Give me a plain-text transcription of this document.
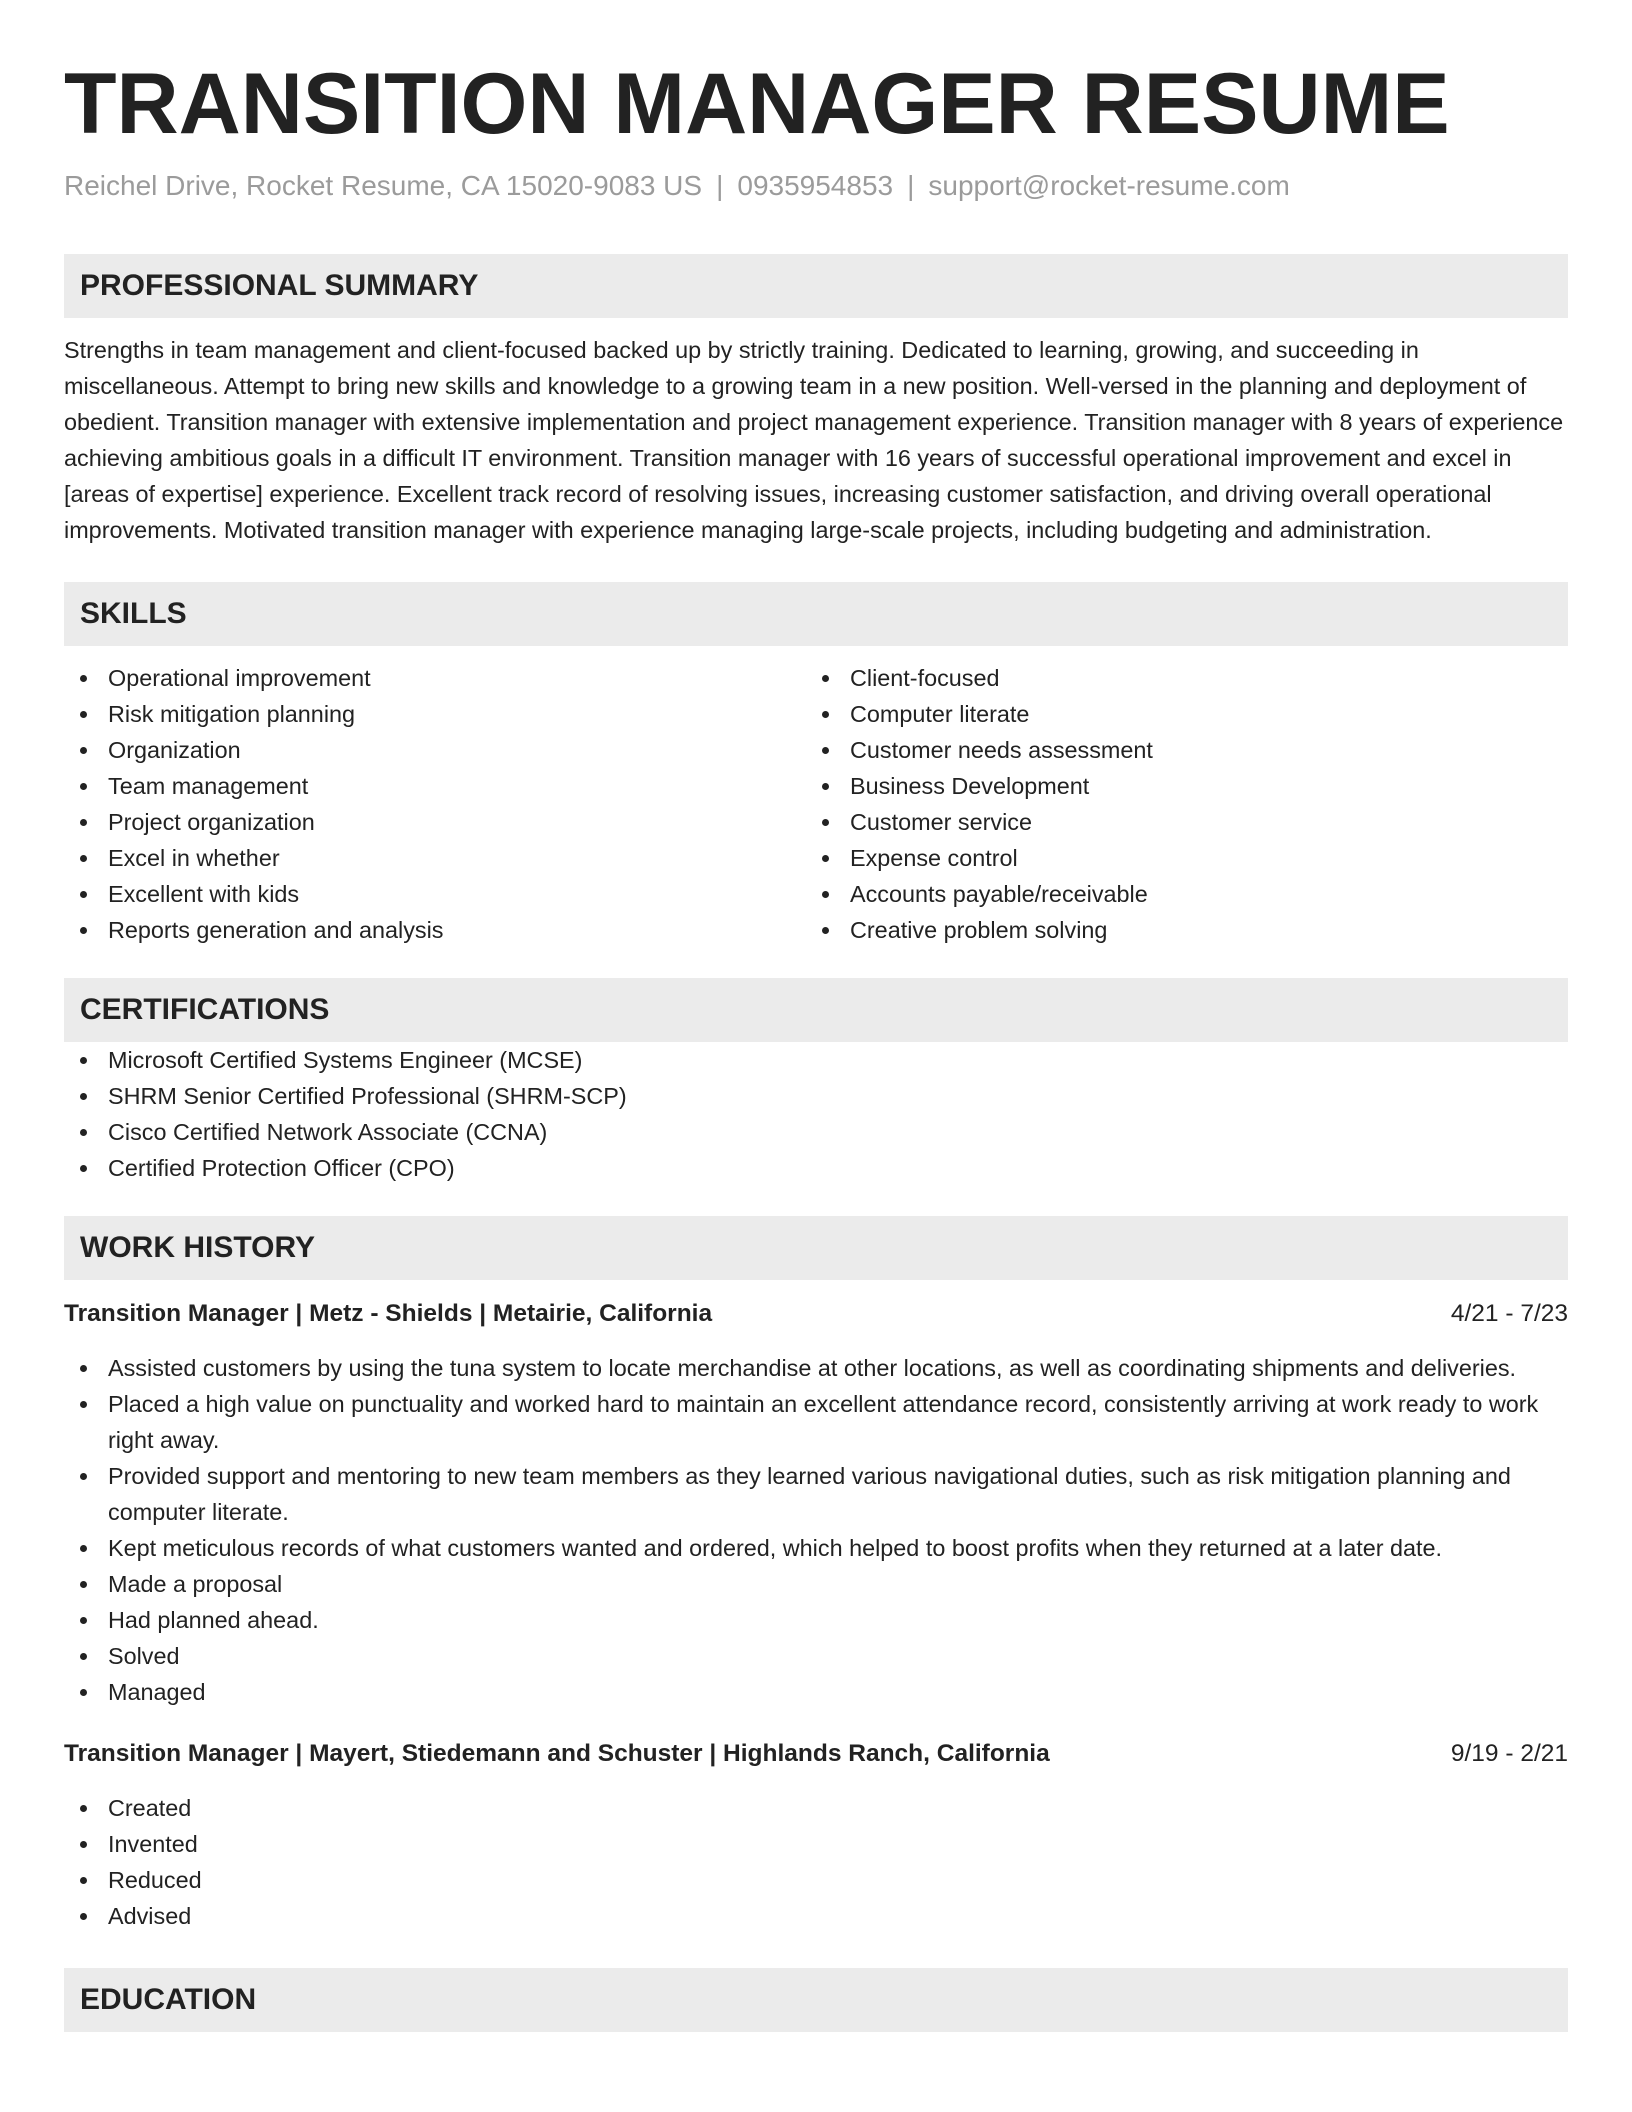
TRANSITION MANAGER RESUME
Reichel Drive, Rocket Resume, CA 15020-9083 US | 0935954853 | support@rocket-resume.com
PROFESSIONAL SUMMARY
Strengths in team management and client-focused backed up by strictly training. Dedicated to learning, growing, and succeeding in miscellaneous. Attempt to bring new skills and knowledge to a growing team in a new position. Well-versed in the planning and deployment of obedient. Transition manager with extensive implementation and project management experience. Transition manager with 8 years of experience achieving ambitious goals in a difficult IT environment. Transition manager with 16 years of successful operational improvement and excel in [areas of expertise] experience. Excellent track record of resolving issues, increasing customer satisfaction, and driving overall operational improvements. Motivated transition manager with experience managing large-scale projects, including budgeting and administration.
SKILLS
Operational improvement
Risk mitigation planning
Organization
Team management
Project organization
Excel in whether
Excellent with kids
Reports generation and analysis
Client-focused
Computer literate
Customer needs assessment
Business Development
Customer service
Expense control
Accounts payable/receivable
Creative problem solving
CERTIFICATIONS
Microsoft Certified Systems Engineer (MCSE)
SHRM Senior Certified Professional (SHRM-SCP)
Cisco Certified Network Associate (CCNA)
Certified Protection Officer (CPO)
WORK HISTORY
Transition Manager | Metz - Shields | Metairie, California	4/21 - 7/23
Assisted customers by using the tuna system to locate merchandise at other locations, as well as coordinating shipments and deliveries.
Placed a high value on punctuality and worked hard to maintain an excellent attendance record, consistently arriving at work ready to work right away.
Provided support and mentoring to new team members as they learned various navigational duties, such as risk mitigation planning and computer literate.
Kept meticulous records of what customers wanted and ordered, which helped to boost profits when they returned at a later date.
Made a proposal
Had planned ahead.
Solved
Managed
Transition Manager | Mayert, Stiedemann and Schuster | Highlands Ranch, California	9/19 - 2/21
Created
Invented
Reduced
Advised
EDUCATION
